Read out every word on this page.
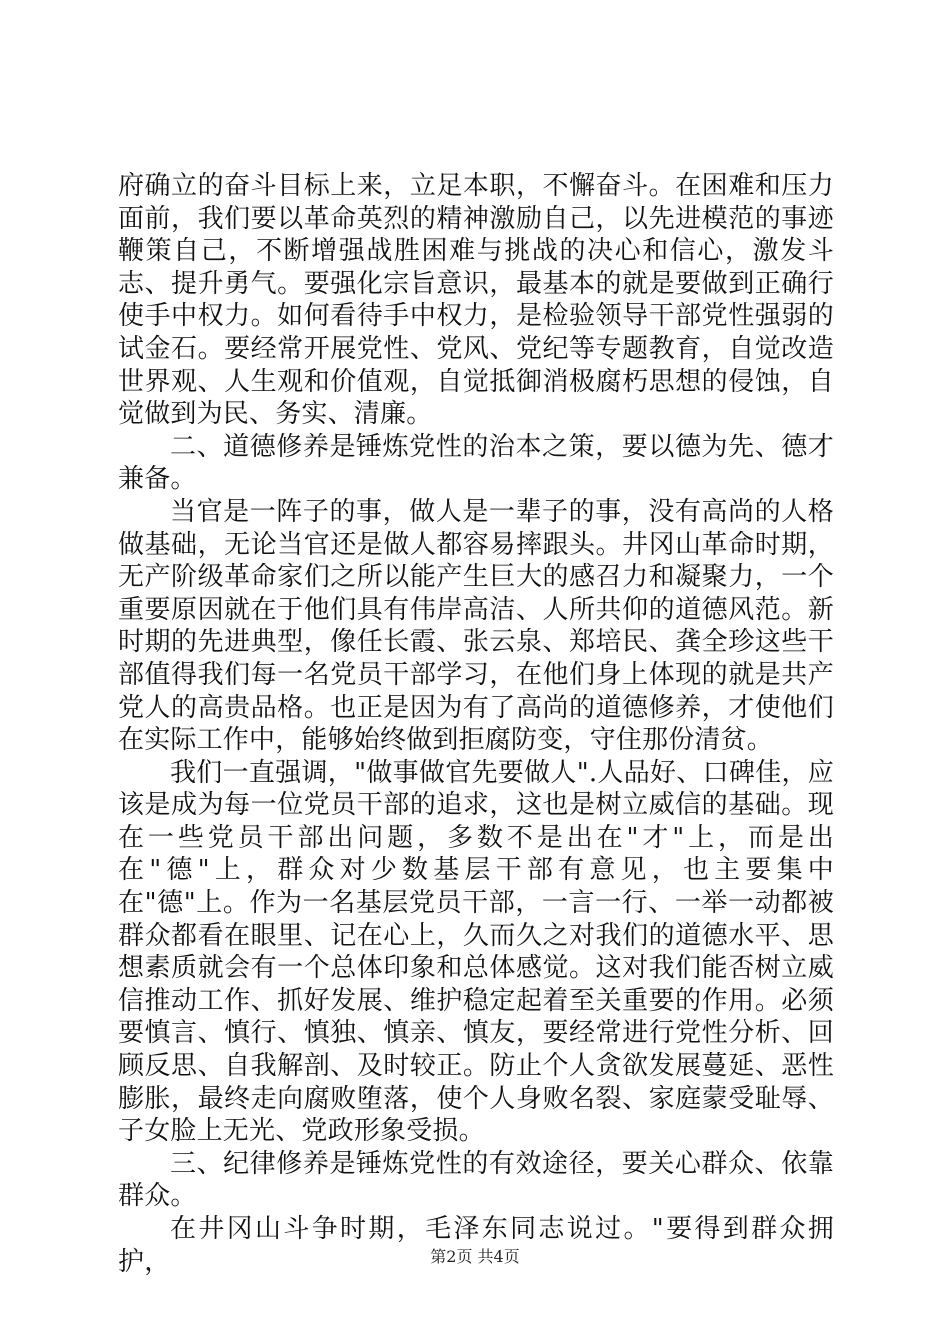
府确立的奋斗目标上来，立足本职，不懈奋斗。在困难和压力面前，我们要以革命英烈的精神激励自己，以先进模范的事迹鞭策自己，不断增强战胜困难与挑战的决心和信心，激发斗志、提升勇气。要强化宗旨意识，最基本的就是要做到正确行使手中权力。如何看待手中权力，是检验领导干部党性强弱的试金石。要经常开展党性、党风、党纪等专题教育，自觉改造世界观、人生观和价值观，自觉抵御消极腐朽思想的侵蚀，自觉做到为民、务实、清廉。

二、道德修养是锤炼党性的治本之策，要以德为先、德才兼备。

当官是一阵子的事，做人是一辈子的事，没有高尚的人格做基础，无论当官还是做人都容易摔跟头。井冈山革命时期，无产阶级革命家们之所以能产生巨大的感召力和凝聚力，一个重要原因就在于他们具有伟岸高洁、人所共仰的道德风范。新时期的先进典型，像任长霞、张云泉、郑培民、龚全珍这些干部值得我们每一名党员干部学习，在他们身上体现的就是共产党人的高贵品格。也正是因为有了高尚的道德修养，才使他们在实际工作中，能够始终做到拒腐防变，守住那份清贫。

我们一直强调，"做事做官先要做人".人品好、口碑佳，应该是成为每一位党员干部的追求，这也是树立威信的基础。现在一些党员干部出问题，多数不是出在"才"上，而是出在"德"上，群众对少数基层干部有意见，也主要集中在"德"上。作为一名基层党员干部，一言一行、一举一动都被群众都看在眼里、记在心上，久而久之对我们的道德水平、思想素质就会有一个总体印象和总体感觉。这对我们能否树立威信推动工作、抓好发展、维护稳定起着至关重要的作用。必须要慎言、慎行、慎独、慎亲、慎友，要经常进行党性分析、回顾反思、自我解剖、及时较正。防止个人贪欲发展蔓延、恶性膨胀，最终走向腐败堕落，使个人身败名裂、家庭蒙受耻辱、子女脸上无光、党政形象受损。

三、纪律修养是锤炼党性的有效途径，要关心群众、依靠群众。

在井冈山斗争时期，毛泽东同志说过。"要得到群众拥护，	第2页 共4页
